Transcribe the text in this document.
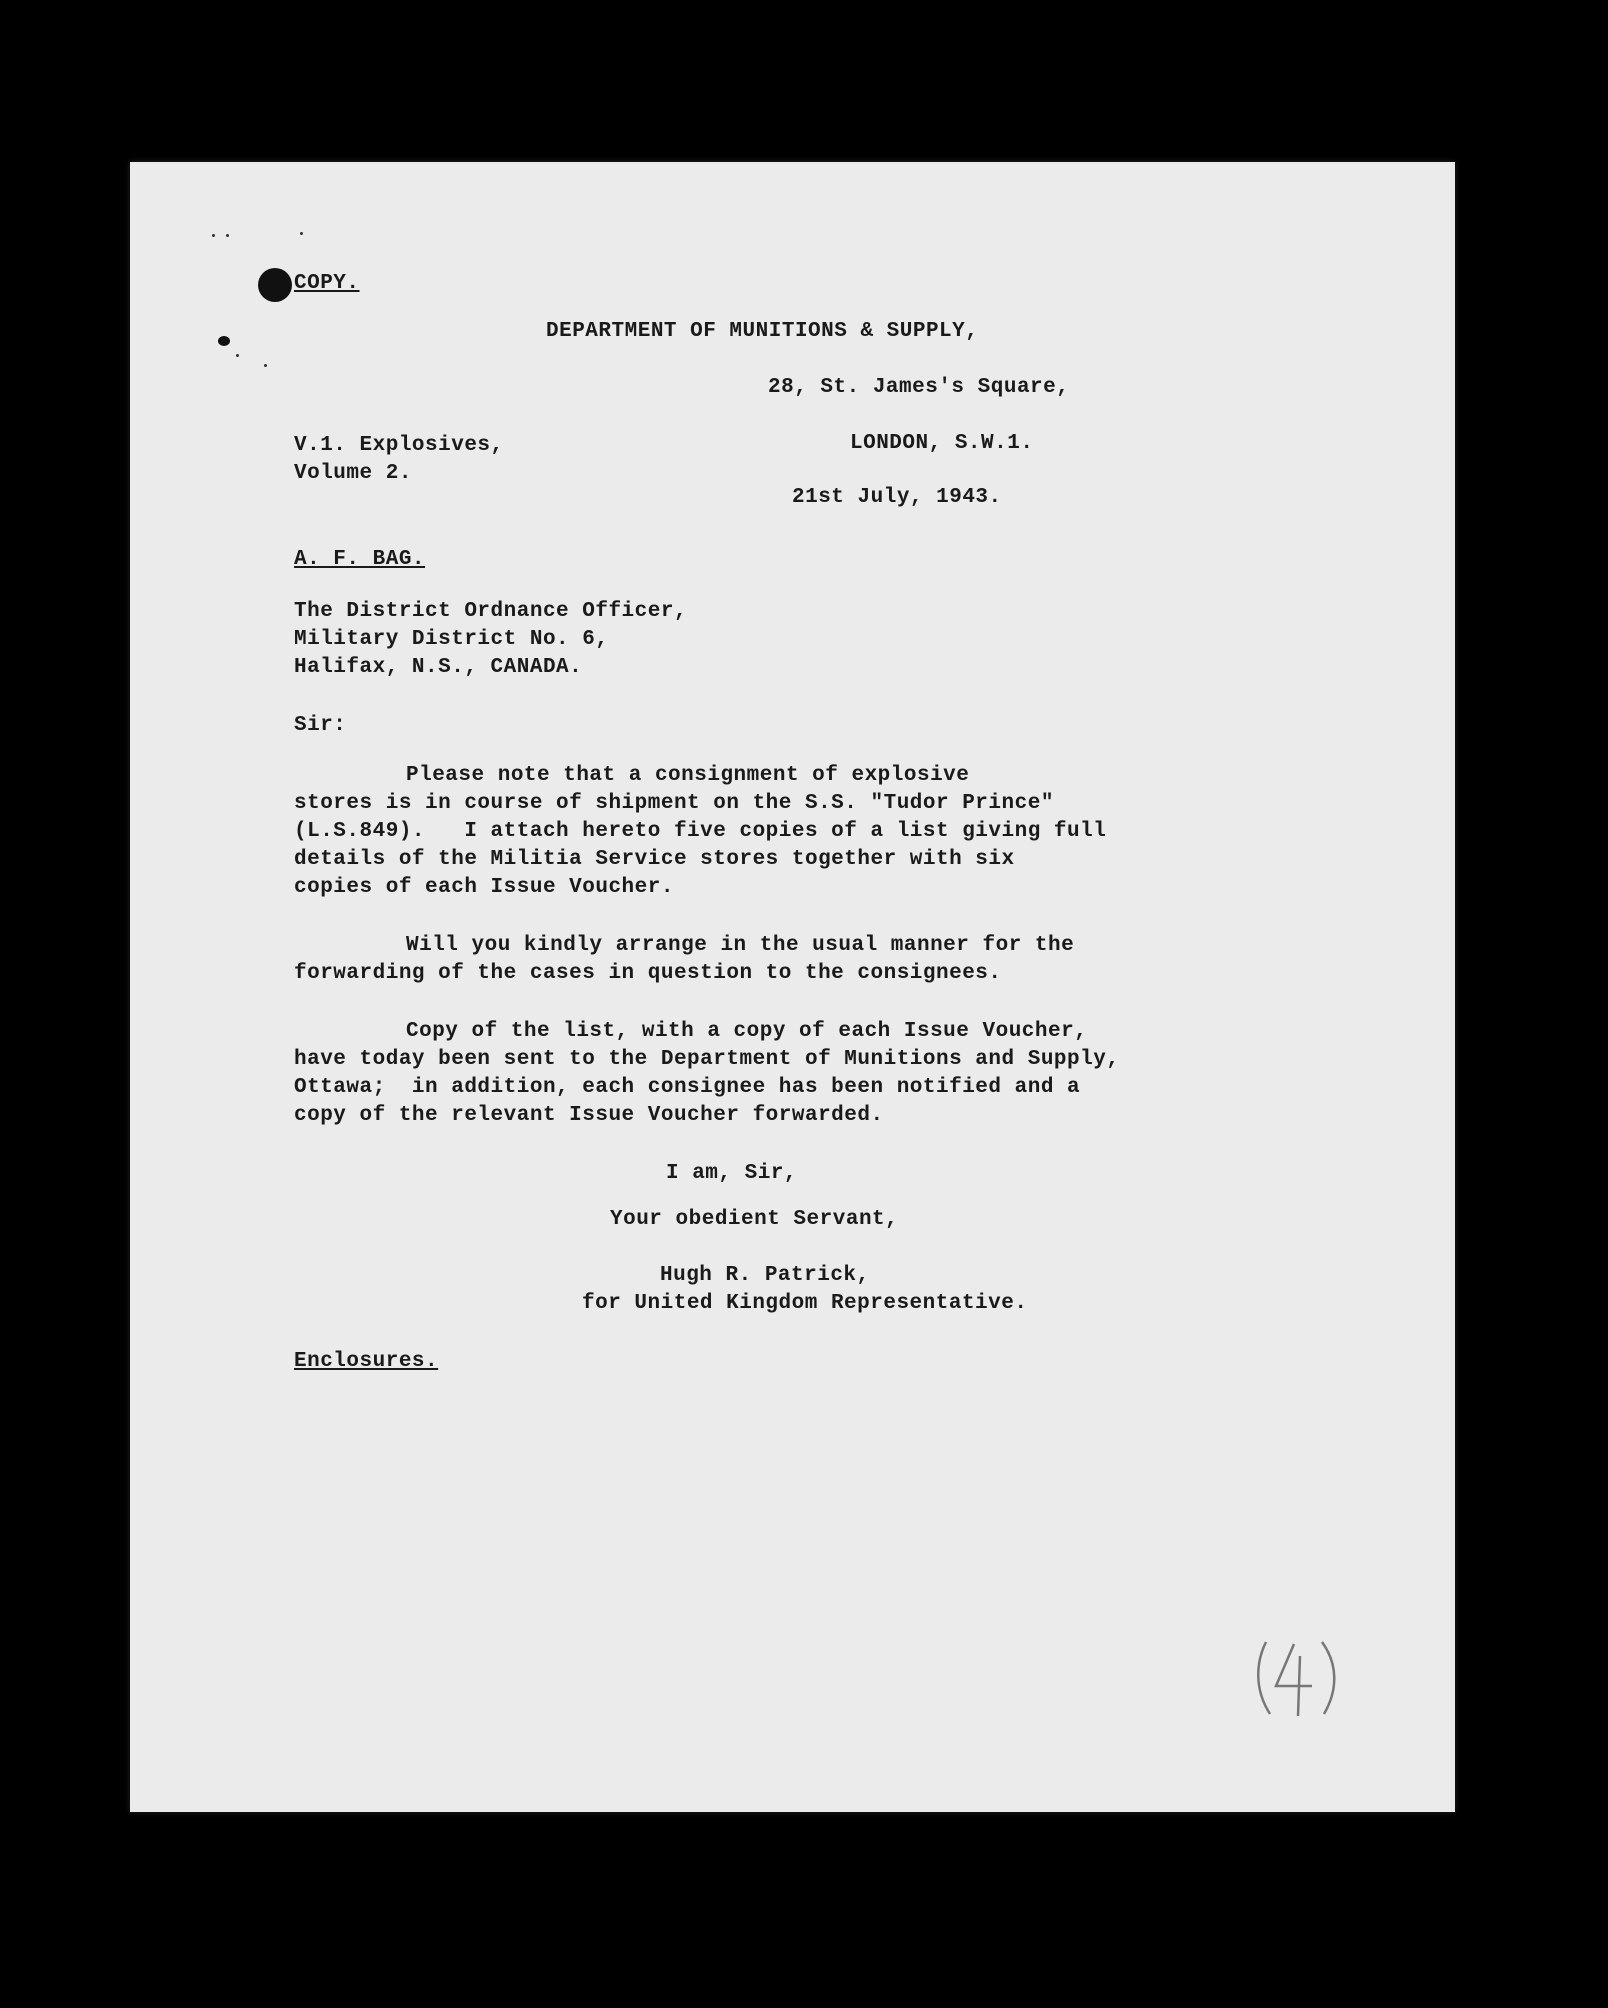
COPY.
DEPARTMENT OF MUNITIONS & SUPPLY,
28, St. James's Square,
V.1. Explosives,
Volume 2.
LONDON, S.W.1.
21st July, 1943.
A. F. BAG.
The District Ordnance Officer,
Military District No. 6,
Halifax, N.S., CANADA.
Sir:
Please note that a consignment of explosive
stores is in course of shipment on the S.S. "Tudor Prince"
(L.S.849).   I attach hereto five copies of a list giving full
details of the Militia Service stores together with six
copies of each Issue Voucher.
Will you kindly arrange in the usual manner for the
forwarding of the cases in question to the consignees.
Copy of the list, with a copy of each Issue Voucher,
have today been sent to the Department of Munitions and Supply,
Ottawa;  in addition, each consignee has been notified and a
copy of the relevant Issue Voucher forwarded.
I am, Sir,
Your obedient Servant,
Hugh R. Patrick,
for United Kingdom Representative.
Enclosures.
